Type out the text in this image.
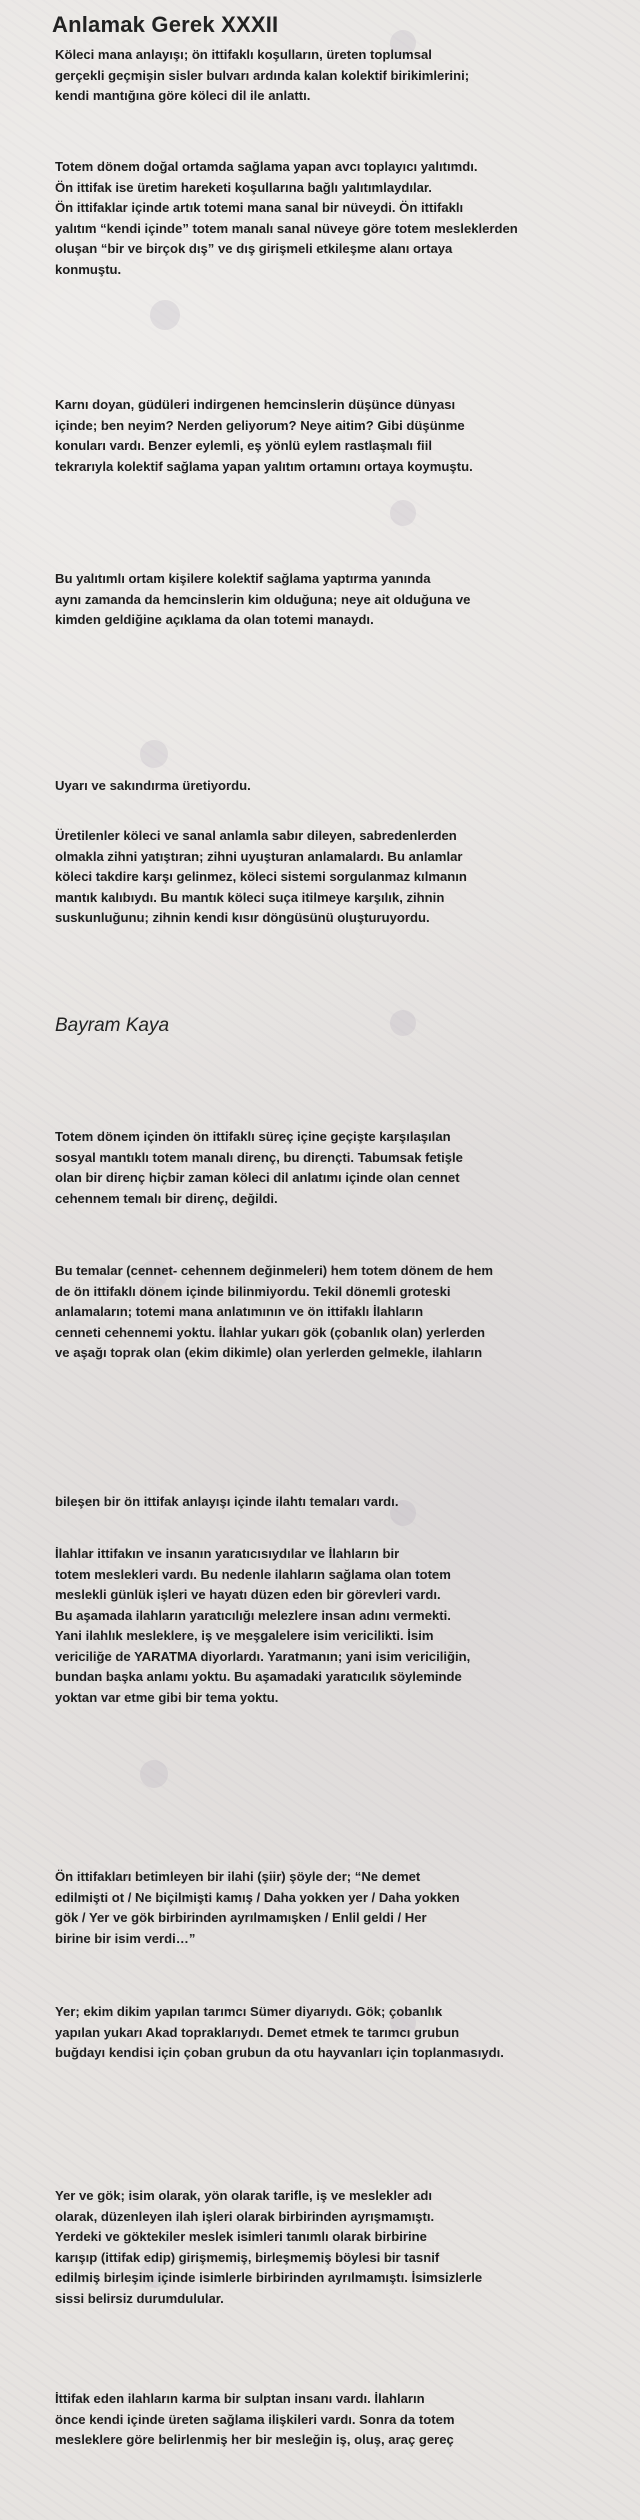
Anlamak Gerek XXXII
Köleci mana anlayışı; ön ittifaklı koşulların, üreten toplumsal
gerçekli geçmişin sisler bulvarı ardında kalan kolektif birikimlerini;
kendi mantığına göre köleci dil ile anlattı.
Totem dönem doğal ortamda sağlama yapan avcı toplayıcı yalıtımdı.
Ön ittifak ise üretim hareketi koşullarına bağlı yalıtımlaydılar.
Ön ittifaklar içinde artık totemi mana sanal bir nüveydi. Ön ittifaklı
yalıtım “kendi içinde” totem manalı sanal nüveye göre totem mesleklerden
oluşan “bir ve birçok dış” ve dış girişmeli etkileşme alanı ortaya
konmuştu.
Karnı doyan, güdüleri indirgenen hemcinslerin düşünce dünyası
içinde; ben neyim? Nerden geliyorum? Neye aitim? Gibi düşünme
konuları vardı. Benzer eylemli, eş yönlü eylem rastlaşmalı fiil
tekrarıyla kolektif sağlama yapan yalıtım ortamını ortaya koymuştu.
Bu yalıtımlı ortam kişilere kolektif sağlama yaptırma yanında
aynı zamanda da hemcinslerin kim olduğuna; neye ait olduğuna ve
kimden geldiğine açıklama da olan totemi manaydı.
Uyarı ve sakındırma üretiyordu.
Üretilenler köleci ve sanal anlamla sabır dileyen, sabredenlerden
olmakla zihni yatıştıran; zihni uyuşturan anlamalardı. Bu anlamlar
köleci takdire karşı gelinmez, köleci sistemi sorgulanmaz kılmanın
mantık kalıbıydı. Bu mantık köleci suça itilmeye karşılık, zihnin
suskunluğunu; zihnin kendi kısır döngüsünü oluşturuyordu.
Bayram Kaya
Totem dönem içinden ön ittifaklı süreç içine geçişte karşılaşılan
sosyal mantıklı totem manalı direnç, bu dirençti. Tabumsak fetişle
olan bir direnç hiçbir zaman köleci dil anlatımı içinde olan cennet
cehennem temalı bir direnç, değildi.
Bu temalar (cennet- cehennem değinmeleri) hem totem dönem de hem
de ön ittifaklı dönem içinde bilinmiyordu. Tekil dönemli groteski
anlamaların; totemi mana anlatımının ve ön ittifaklı İlahların
cenneti cehennemi yoktu. İlahlar yukarı gök (çobanlık olan) yerlerden
ve aşağı toprak olan (ekim dikimle) olan yerlerden gelmekle, ilahların
bileşen bir ön ittifak anlayışı içinde ilahtı temaları vardı.
İlahlar ittifakın ve insanın yaratıcısıydılar ve İlahların bir
totem meslekleri vardı. Bu nedenle ilahların sağlama olan totem
meslekli günlük işleri ve hayatı düzen eden bir görevleri vardı.
Bu aşamada ilahların yaratıcılığı melezlere insan adını vermekti.
Yani ilahlık mesleklere, iş ve meşgalelere isim vericilikti. İsim
vericiliğe de YARATMA diyorlardı. Yaratmanın; yani isim vericiliğin,
bundan başka anlamı yoktu. Bu aşamadaki yaratıcılık söyleminde
yoktan var etme gibi bir tema yoktu.
Ön ittifakları betimleyen bir ilahi (şiir) şöyle der; “Ne demet
edilmişti ot / Ne biçilmişti kamış / Daha yokken yer / Daha yokken
gök / Yer ve gök birbirinden ayrılmamışken / Enlil geldi / Her
birine bir isim verdi…”
Yer; ekim dikim yapılan tarımcı Sümer diyarıydı. Gök; çobanlık
yapılan yukarı Akad topraklarıydı. Demet etmek te tarımcı grubun
buğdayı kendisi için çoban grubun da otu hayvanları için toplanmasıydı.
Yer ve gök; isim olarak, yön olarak tarifle, iş ve meslekler adı
olarak, düzenleyen ilah işleri olarak birbirinden ayrışmamıştı.
Yerdeki ve göktekiler meslek isimleri tanımlı olarak birbirine
karışıp (ittifak edip) girişmemiş, birleşmemiş böylesi bir tasnif
edilmiş birleşim içinde isimlerle birbirinden ayrılmamıştı. İsimsizlerle
sissi belirsiz durumdulular.
İttifak eden ilahların karma bir sulptan insanı vardı. İlahların
önce kendi içinde üreten sağlama ilişkileri vardı. Sonra da totem
mesleklere göre belirlenmiş her bir mesleğin iş, oluş, araç gereç
